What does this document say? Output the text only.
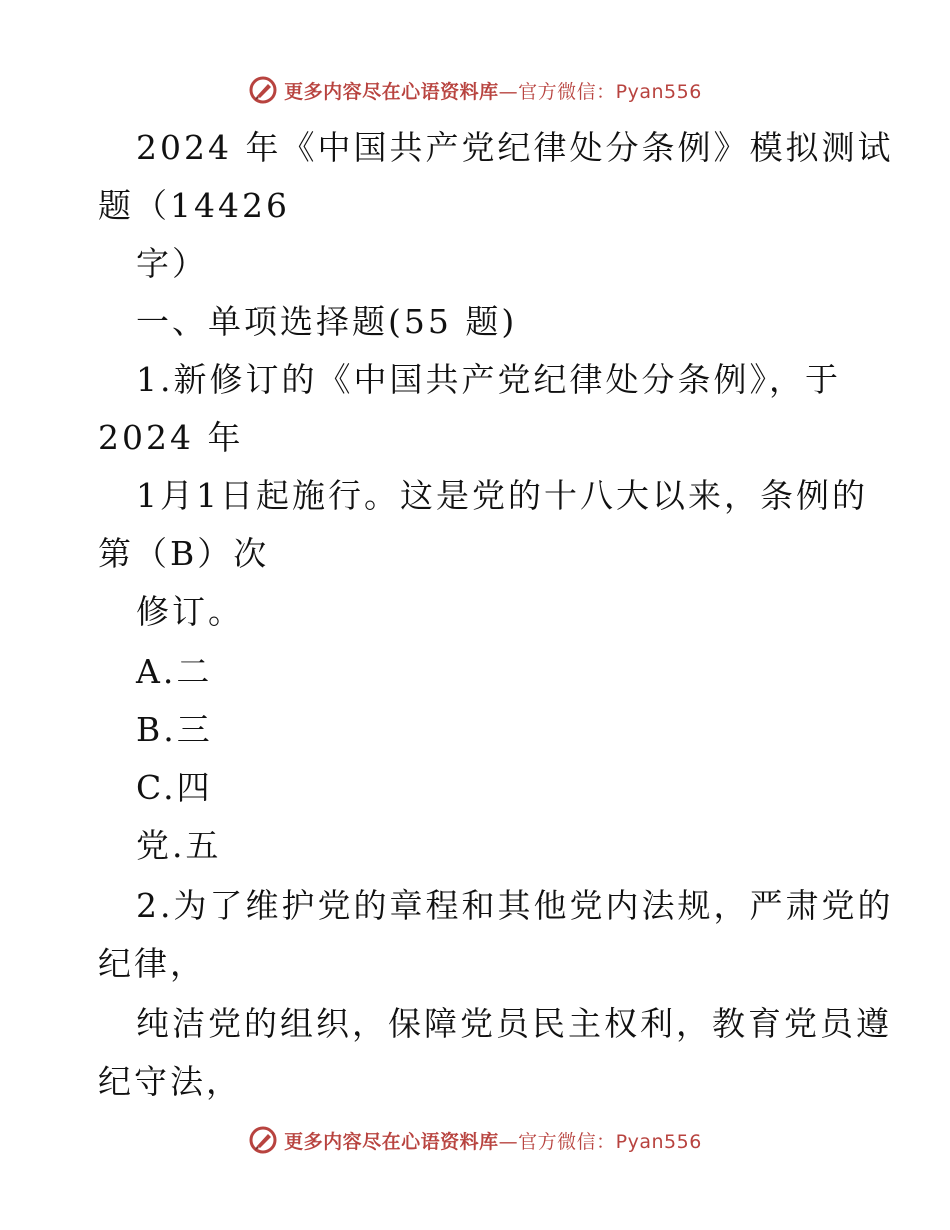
更多内容尽在心语资料库—官方微信：Pyan556
2024 年《中国共产党纪律处分条例》模拟测试
题（14426
字）
一、单项选择题(55 题)
1.新修订的《中国共产党纪律处分条例》，于
2024 年
1月1日起施行。这是党的十八大以来，条例的
第（B）次
修订。
A.二
B.三
C.四
党.五
2.为了维护党的章程和其他党内法规，严肃党的
纪律，
纯洁党的组织，保障党员民主权利，教育党员遵
纪守法，
更多内容尽在心语资料库—官方微信：Pyan556
